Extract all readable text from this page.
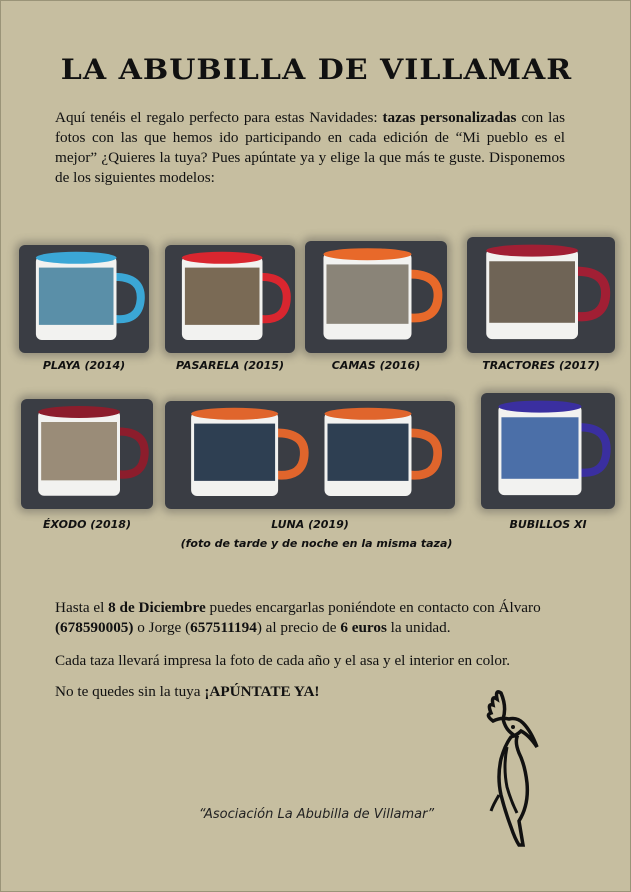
LA ABUBILLA DE VILLAMAR
Aquí tenéis el regalo perfecto para estas Navidades: tazas personalizadas con las fotos con las que hemos ido participando en cada edición de “Mi pueblo es el mejor” ¿Quieres la tuya? Pues apúntate ya y elige la que más te guste. Disponemos de los siguientes modelos:
PLAYA (2014)	PASARELA (2015)	CAMAS (2016)	TRACTORES (2017)
ÉXODO (2018)	LUNA (2019)	BUBILLOS XI
(foto de tarde y de noche en la misma taza)
Hasta el 8 de Diciembre puedes encargarlas poniéndote en contacto con Álvaro (678590005) o Jorge (657511194) al precio de 6 euros la unidad.
Cada taza llevará impresa la foto de cada año y el asa y el interior en color.
No te quedes sin la tuya ¡APÚNTATE YA!
“Asociación La Abubilla de Villamar”
